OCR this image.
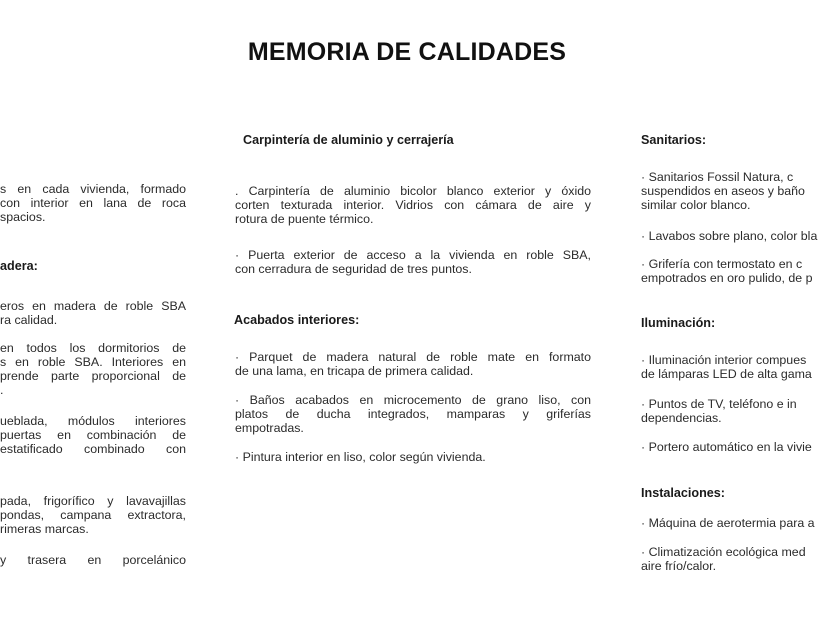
MEMORIA DE CALIDADES
s en cada vivienda, formado
con interior en lana de roca
spacios.
adera:
eros en madera de roble SBA
ra calidad.
en todos los dormitorios de
s en roble SBA. Interiores en
prende parte proporcional de
.
ueblada, módulos interiores
puertas en combinación de
estatificado combinado con
pada, frigorífico y lavavajillas
pondas, campana extractora,
rimeras marcas.
y trasera en porcelánico
Carpintería de aluminio y cerrajería
. Carpintería de aluminio bicolor blanco exterior y óxido
corten texturada interior. Vidrios con cámara de aire y
rotura de puente térmico.
· Puerta exterior de acceso a la vivienda en roble SBA,
con cerradura de seguridad de tres puntos.
Acabados interiores:
· Parquet de madera natural de roble mate en formato
de una lama, en tricapa de primera calidad.
· Baños acabados en microcemento de grano liso, con
platos de ducha integrados, mamparas y griferías
empotradas.
· Pintura interior en liso, color según vivienda.
Sanitarios:
· Sanitarios Fossil Natura, c
suspendidos en aseos y baño
similar color blanco.
· Lavabos sobre plano, color bla
· Grifería con termostato en c
empotrados en oro pulido, de p
Iluminación:
· Iluminación interior compues
de lámparas LED de alta gama
· Puntos de TV, teléfono e in
dependencias.
· Portero automático en la vivie
Instalaciones:
· Máquina de aerotermia para a
· Climatización ecológica med
aire frío/calor.
